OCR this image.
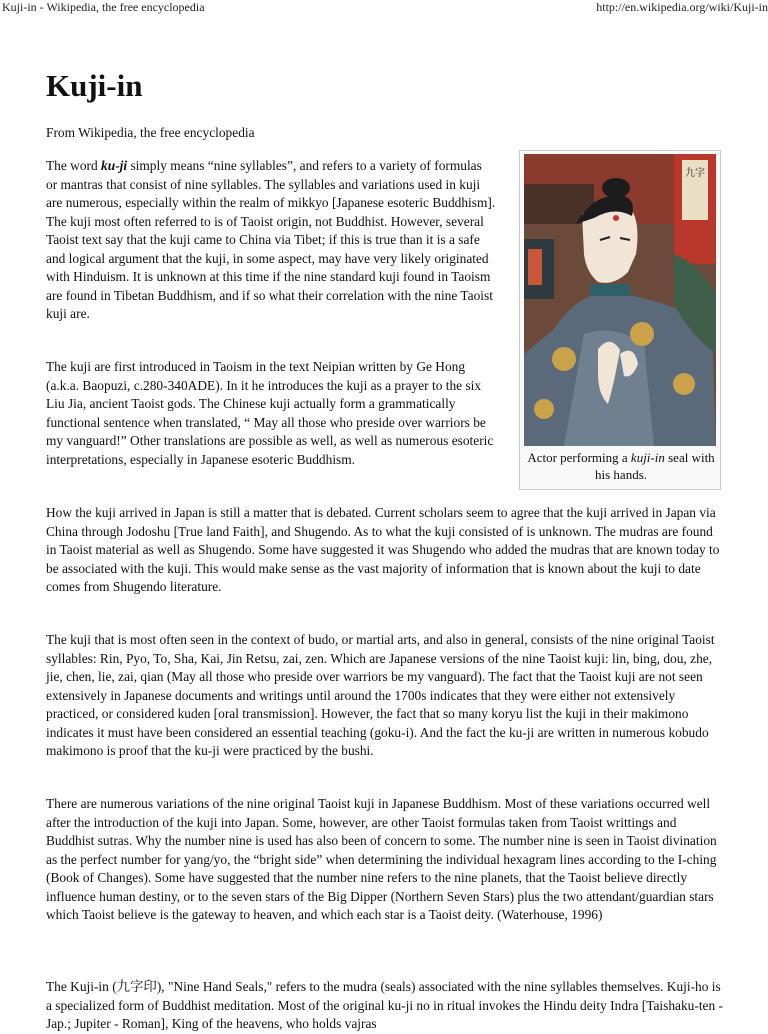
Kuji-in - Wikipedia, the free encyclopedia	http://en.wikipedia.org/wiki/Kuji-in
Kuji-in
From Wikipedia, the free encyclopedia
九字
Actor performing a kuji-in seal with his hands.

The word ku-ji simply means “nine syllables”, and refers to a variety of formulas or mantras that consist of nine syllables. The syllables and variations used in kuji are numerous, especially within the realm of mikkyo [Japanese esoteric Buddhism]. The kuji most often referred to is of Taoist origin, not Buddhist. However, several Taoist text say that the kuji came to China via Tibet; if this is true than it is a safe and logical argument that the kuji, in some aspect, may have very likely originated with Hinduism. It is unknown at this time if the nine standard kuji found in Taoism are found in Tibetan Buddhism, and if so what their correlation with the nine Taoist kuji are.

The kuji are first introduced in Taoism in the text Neipian written by Ge Hong (a.k.a. Baopuzi, c.280-340ADE). In it he introduces the kuji as a prayer to the six Liu Jia, ancient Taoist gods. The Chinese kuji actually form a grammatically functional sentence when translated, “ May all those who preside over warriors be my vanguard!” Other translations are possible as well, as well as numerous esoteric interpretations, especially in Japanese esoteric Buddhism.

How the kuji arrived in Japan is still a matter that is debated. Current scholars seem to agree that the kuji arrived in Japan via China through Jodoshu [True land Faith], and Shugendo. As to what the kuji consisted of is unknown. The mudras are found in Taoist material as well as Shugendo. Some have suggested it was Shugendo who added the mudras that are known today to be associated with the kuji. This would make sense as the vast majority of information that is known about the kuji to date comes from Shugendo literature.

The kuji that is most often seen in the context of budo, or martial arts, and also in general, consists of the nine original Taoist syllables: Rin, Pyo, To, Sha, Kai, Jin Retsu, zai, zen. Which are Japanese versions of the nine Taoist kuji: lin, bing, dou, zhe, jie, chen, lie, zai, qian (May all those who preside over warriors be my vanguard). The fact that the Taoist kuji are not seen extensively in Japanese documents and writings until around the 1700s indicates that they were either not extensively practiced, or considered kuden [oral transmission]. However, the fact that so many koryu list the kuji in their makimono indicates it must have been considered an essential teaching (goku-i). And the fact the ku-ji are written in numerous kobudo makimono is proof that the ku-ji were practiced by the bushi.

There are numerous variations of the nine original Taoist kuji in Japanese Buddhism. Most of these variations occurred well after the introduction of the kuji into Japan. Some, however, are other Taoist formulas taken from Taoist writtings and Buddhist sutras. Why the number nine is used has also been of concern to some. The number nine is seen in Taoist divination as the perfect number for yang/yo, the “bright side” when determining the individual hexagram lines according to the I-ching (Book of Changes). Some have suggested that the number nine refers to the nine planets, that the Taoist believe directly influence human destiny, or to the seven stars of the Big Dipper (Northern Seven Stars) plus the two attendant/guardian stars which Taoist believe is the gateway to heaven, and which each star is a Taoist deity. (Waterhouse, 1996)

The Kuji-in (九字印), "Nine Hand Seals," refers to the mudra (seals) associated with the nine syllables themselves. Kuji-ho is a specialized form of Buddhist meditation. Most of the original ku-ji no in ritual invokes the Hindu deity Indra [Taishaku-ten - Jap.; Jupiter - Roman], King of the heavens, who holds vajras
